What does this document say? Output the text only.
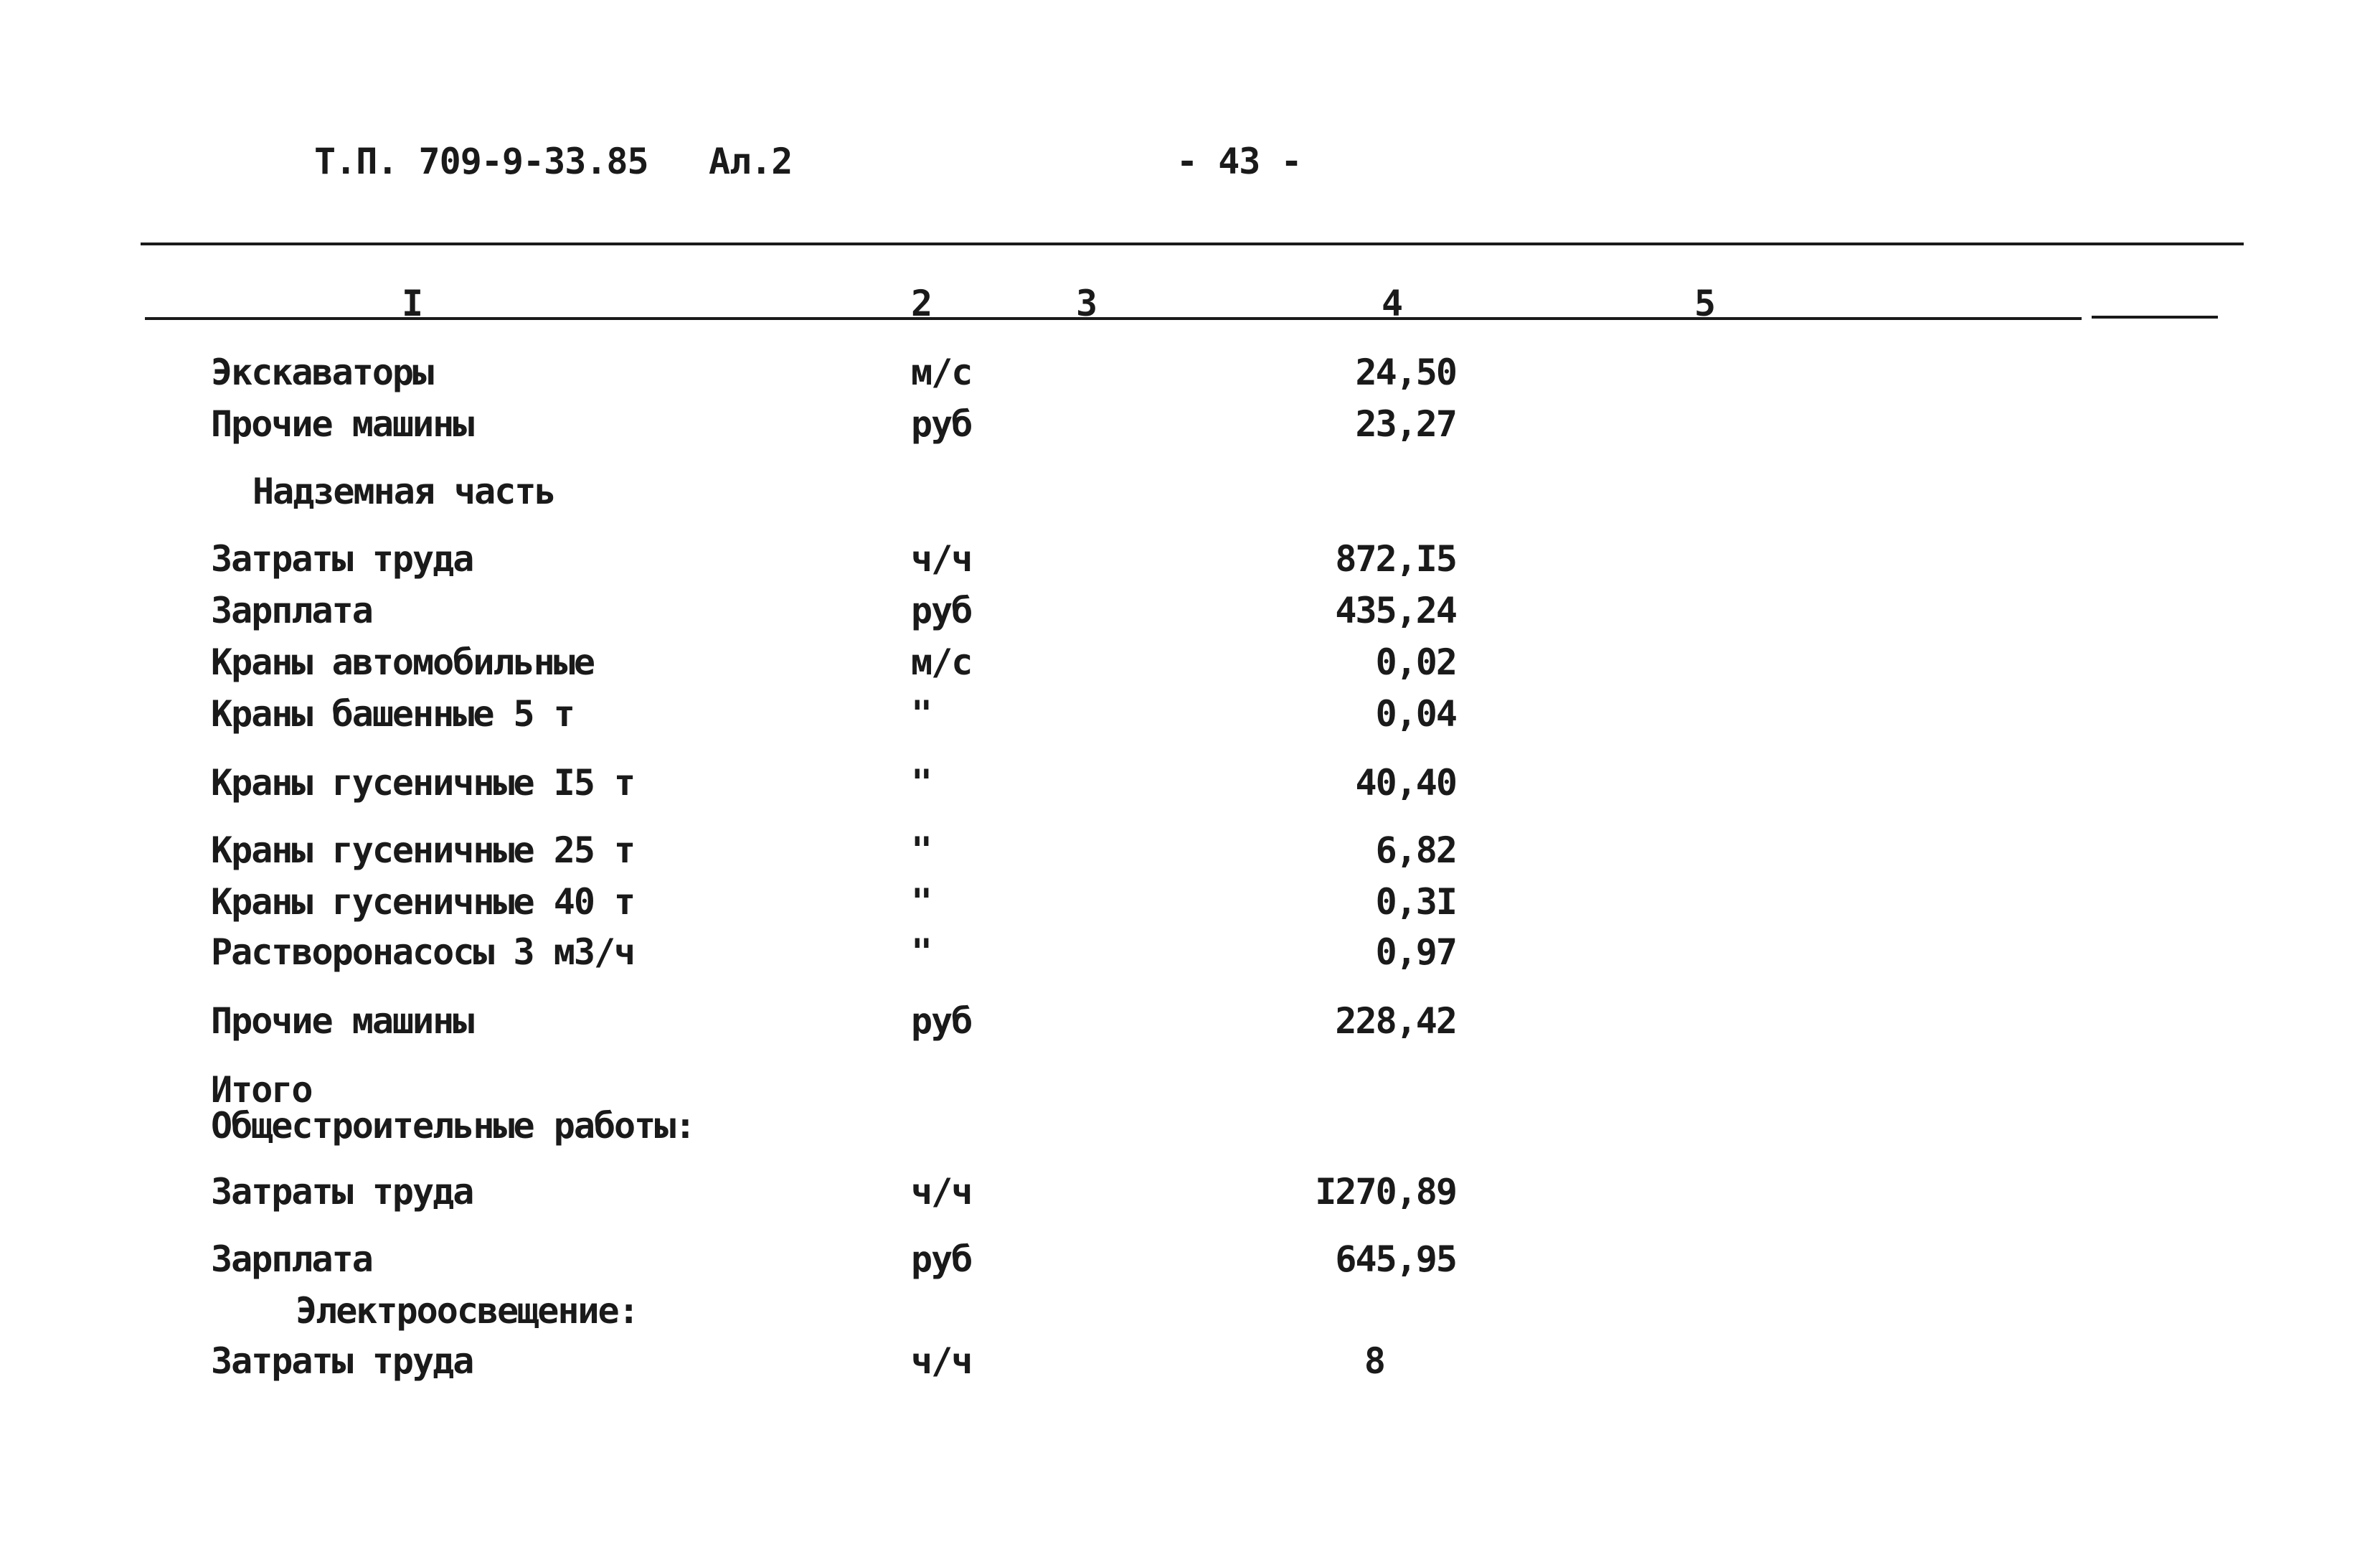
Т.П. 709-9-33.85 Ал.2	- 43 -
I	2	3	4	5
Экскаваторы	м/с	24,50
Прочие машины	руб	23,27
Надземная часть
Затраты труда	ч/ч	872,I5
Зарплата	руб	435,24
Краны автомобильные	м/с	0,02
Краны башенные 5 т	"	0,04
Краны гусеничные I5 т	"	40,40
Краны гусеничные 25 т	"	6,82
Краны гусеничные 40 т	"	0,3I
Растворонасосы 3 м3/ч	"	0,97
Прочие машины	руб	228,42
Итого
Общестроительные работы:
Затраты труда	ч/ч	I270,89
Зарплата	руб	645,95
Электроосвещение:
Затраты труда	ч/ч	8
